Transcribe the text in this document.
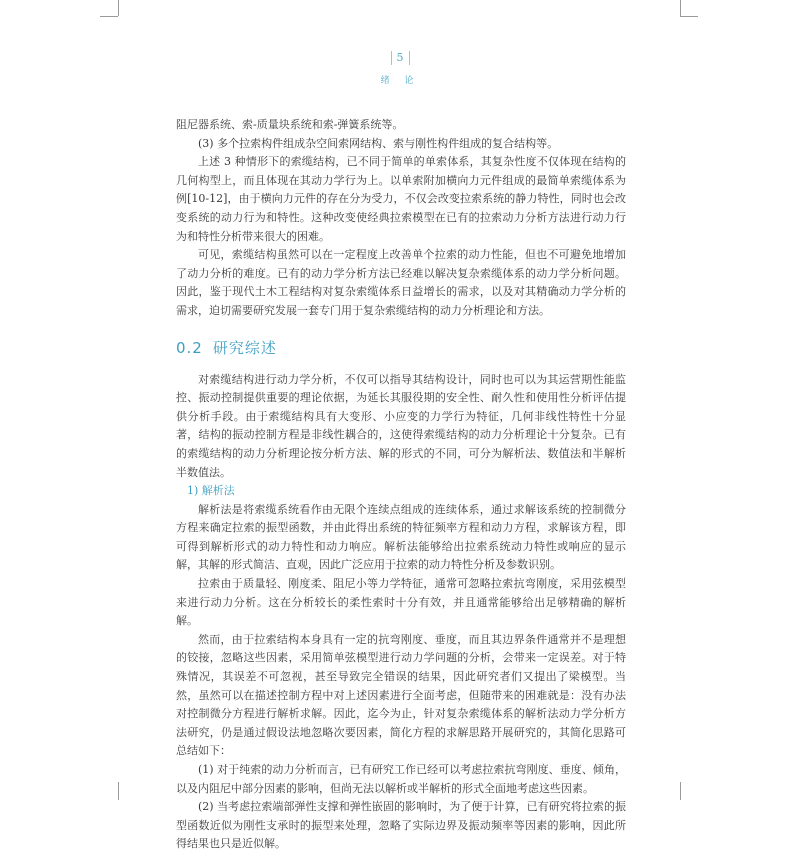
5
绪 论

阻尼器系统、索-质量块系统和索-弹簧系统等。

(3) 多个拉索构件组成杂空间索网结构、索与刚性构件组成的复合结构等。

上述 3 种情形下的索缆结构，已不同于简单的单索体系，其复杂性度不仅体现在结构的几何构型上，而且体现在其动力学行为上。以单索附加横向力元件组成的最简单索缆体系为例[10-12]，由于横向力元件的存在分为受力，不仅会改变拉索系统的静力特性，同时也会改变系统的动力行为和特性。这种改变使经典拉索模型在已有的拉索动力分析方法进行动力行为和特性分析带来很大的困难。

可见，索缆结构虽然可以在一定程度上改善单个拉索的动力性能，但也不可避免地增加了动力分析的难度。已有的动力学分析方法已经难以解决复杂索缆体系的动力学分析问题。因此，鉴于现代土木工程结构对复杂索缆体系日益增长的需求，以及对其精确动力学分析的需求，迫切需要研究发展一套专门用于复杂索缆结构的动力分析理论和方法。

0.2 研究综述

对索缆结构进行动力学分析，不仅可以指导其结构设计，同时也可以为其运营期性能监控、振动控制提供重要的理论依据，为延长其服役期的安全性、耐久性和使用性分析评估提供分析手段。由于索缆结构具有大变形、小应变的力学行为特征，几何非线性特性十分显著，结构的振动控制方程是非线性耦合的，这使得索缆结构的动力分析理论十分复杂。已有的索缆结构的动力分析理论按分析方法、解的形式的不同，可分为解析法、数值法和半解析半数值法。

1) 解析法

解析法是将索缆系统看作由无限个连续点组成的连续体系，通过求解该系统的控制微分方程来确定拉索的振型函数，并由此得出系统的特征频率方程和动力方程，求解该方程，即可得到解析形式的动力特性和动力响应。解析法能够给出拉索系统动力特性或响应的显示解，其解的形式简洁、直观，因此广泛应用于拉索的动力特性分析及参数识别。

拉索由于质量轻、刚度柔、阻尼小等力学特征，通常可忽略拉索抗弯刚度，采用弦模型来进行动力分析。这在分析较长的柔性索时十分有效，并且通常能够给出足够精确的解析解。

然而，由于拉索结构本身具有一定的抗弯刚度、垂度，而且其边界条件通常并不是理想的铰接，忽略这些因素，采用简单弦模型进行动力学问题的分析，会带来一定误差。对于特殊情况，其误差不可忽视，甚至导致完全错误的结果，因此研究者们又提出了梁模型。当然，虽然可以在描述控制方程中对上述因素进行全面考虑，但随带来的困难就是：没有办法对控制微分方程进行解析求解。因此，迄今为止，针对复杂索缆体系的解析法动力学分析方法研究，仍是通过假设法地忽略次要因素，简化方程的求解思路开展研究的，其简化思路可总结如下：

(1) 对于纯索的动力分析而言，已有研究工作已经可以考虑拉索抗弯刚度、垂度、倾角，以及内阻尼中部分因素的影响，但尚无法以解析或半解析的形式全面地考虑这些因素。

(2) 当考虑拉索端部弹性支撑和弹性嵌固的影响时，为了便于计算，已有研究将拉索的振型函数近似为刚性支承时的振型来处理，忽略了实际边界及振动频率等因素的影响，因此所得结果也只是近似解。
